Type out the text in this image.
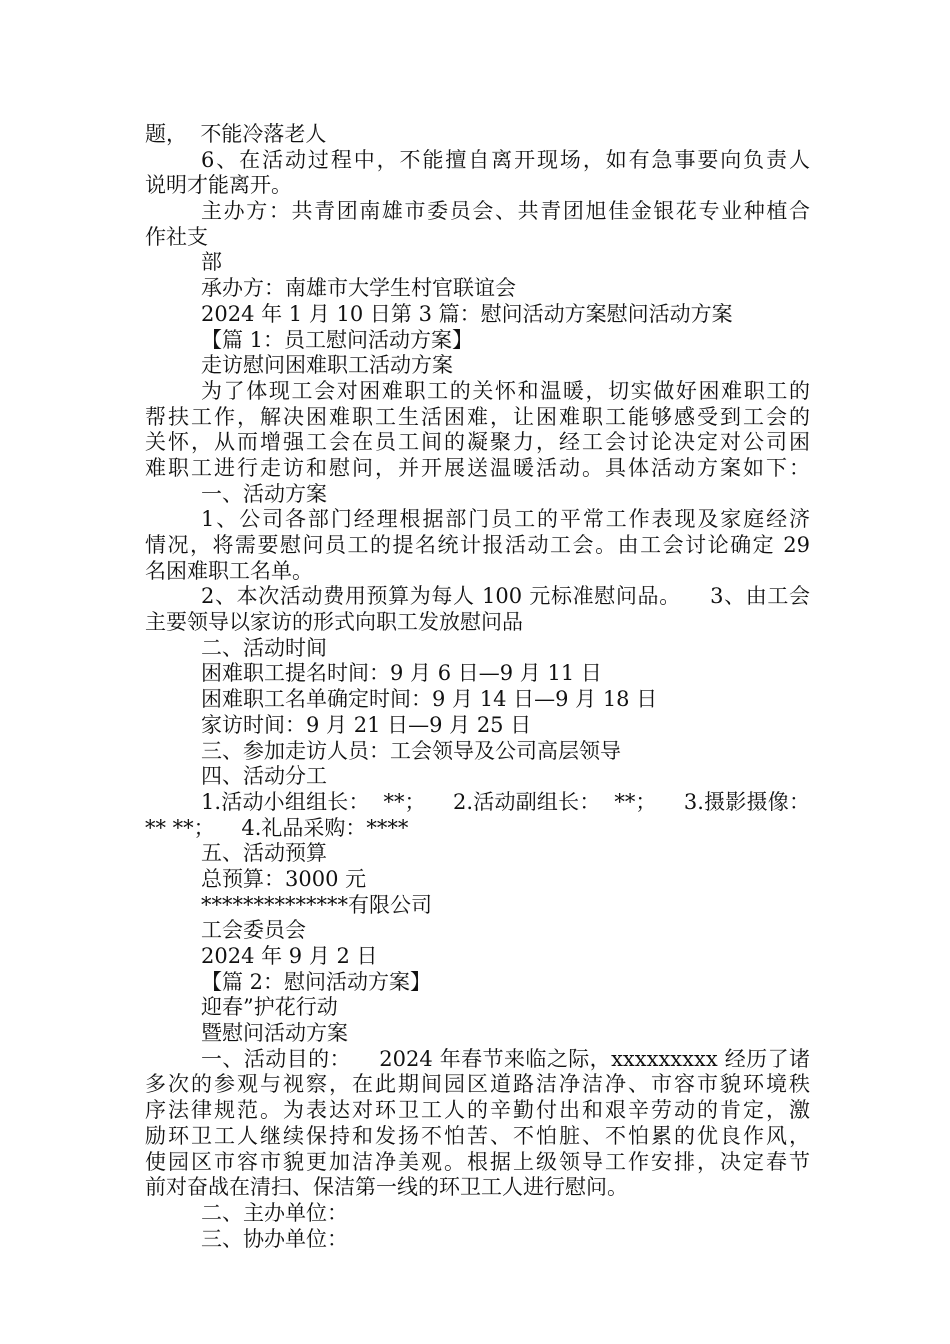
题，  不能冷落老人
6、在活动过程中，不能擅自离开现场，如有急事要向负责人
说明才能离开。
主办方：共青团南雄市委员会、共青团旭佳金银花专业种植合
作社支
部
承办方：南雄市大学生村官联谊会
2024 年 1 月 10 日第 3 篇：慰问活动方案慰问活动方案
【篇 1：员工慰问活动方案】
走访慰问困难职工活动方案
为了体现工会对困难职工的关怀和温暖，切实做好困难职工的
帮扶工作，解决困难职工生活困难，让困难职工能够感受到工会的
关怀，从而增强工会在员工间的凝聚力，经工会讨论决定对公司困
难职工进行走访和慰问，并开展送温暖活动。具体活动方案如下：
一、活动方案
1、公司各部门经理根据部门员工的平常工作表现及家庭经济
情况，将需要慰问员工的提名统计报活动工会。由工会讨论确定 29
名困难职工名单。
2、本次活动费用预算为每人 100 元标准慰问品。    3、由工会
主要领导以家访的形式向职工发放慰问品
二、活动时间
困难职工提名时间：9 月 6 日—9 月 11 日
困难职工名单确定时间：9 月 14 日—9 月 18 日
家访时间：9 月 21 日—9 月 25 日
三、参加走访人员：工会领导及公司高层领导
四、活动分工
1.活动小组组长：  **；    2.活动副组长：  **；    3.摄影摄像：
** **；    4.礼品采购：****
五、活动预算
总预算：3000 元
**************有限公司
工会委员会
2024 年 9 月 2 日
【篇 2：慰问活动方案】
迎春”护花行动
暨慰问活动方案
一、活动目的：    2024 年春节来临之际，xxxxxxxxx 经历了诸
多次的参观与视察，在此期间园区道路洁净洁净、市容市貌环境秩
序法律规范。为表达对环卫工人的辛勤付出和艰辛劳动的肯定，激
励环卫工人继续保持和发扬不怕苦、不怕脏、不怕累的优良作风，
使园区市容市貌更加洁净美观。根据上级领导工作安排，决定春节
前对奋战在清扫、保洁第一线的环卫工人进行慰问。
二、主办单位：
三、协办单位：
